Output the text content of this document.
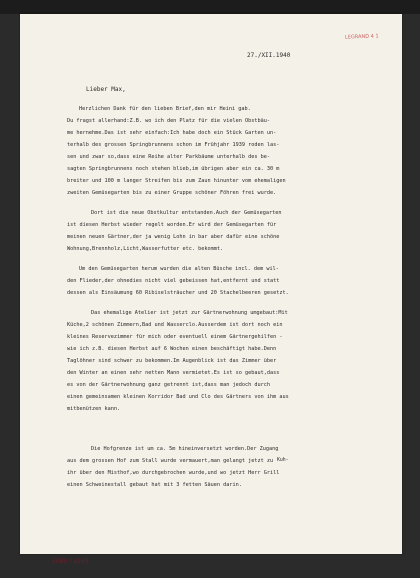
LEGRAND 4 1
27./XII.1940
Lieber Max,
Herzlichen Dank für den lieben Brief,den mir Heini gab.
Du fragst allerhand:Z.B. wo ich den Platz für die vielen Obstbäu-
me hernehme.Das ist sehr einfach:Ich habe doch ein Stück Garten un-
terhalb des grossen Springbrunnens schon im Frühjahr 1939 roden las-
sen und zwar so,dass eine Reihe alter Parkbäume unterhalb des be-
sagten Springbrunnens noch stehen blieb,im übrigen aber ein ca. 30 m
breiter und 100 m langer Streifen bis zum Zaun hinunter vom ehemaligen
zweiten Gemüsegarten bis zu einer Gruppe schöner Föhren frei wurde.
Dort ist die neue Obstkultur entstanden.Auch der Gemüsegarten
ist diesen Herbst wieder regelt worden.Er wird der Gemüsegarten für
meinen neuen Gärtner,der ja wenig Lohn in bar aber dafür eine schöne
Wohnung,Brennholz,Licht,Wasserfutter etc. bekommt.
Um den Gemüsegarten herum wurden die alten Büsche incl. dem wil-
den Flieder,der ohnedies nicht viel gebeissen hat,entfernt und statt
dessen als Einsäumung 60 Ribiselsträucher und 20 Stachelbeeren gesetzt.
Das ehemalige Atelier ist jetzt zur Gärtnerwohnung umgebaut:Mit
Küche,2 schönen Zimmern,Bad und Wasserclo.Ausserdem ist dort noch ein
kleines Reservezimmer für mich oder eventuell einem Gärtnergehilfen -
wie ich z.B. diesen Herbst auf 6 Wochen einen beschäftigt habe.Denn
Taglöhner sind schwer zu bekommen.Im Augenblick ist das Zimmer über
den Winter an einen sehr netten Mann vermietet.Es ist so gebaut,dass
es von der Gärtnerwohnung ganz getrennt ist,dass man jedoch durch
einen gemeinsamen kleinen Korridor Bad und Clo des Gärtners von ihm aus
mitbenützen kann.
Die Hofgrenze ist um ca. 5m hineinversetzt worden.Der Zugang
aus dem grossen Hof zum Stall wurde vermauert,man gelangt jetzt zu
ihr über den Misthof,wo durchgebrochen wurde,und wo jetzt Herr Grill
einen Schweinestall gebaut hat mit 3 fetten Säuen darin.
Kuh-
5080 / 3169
